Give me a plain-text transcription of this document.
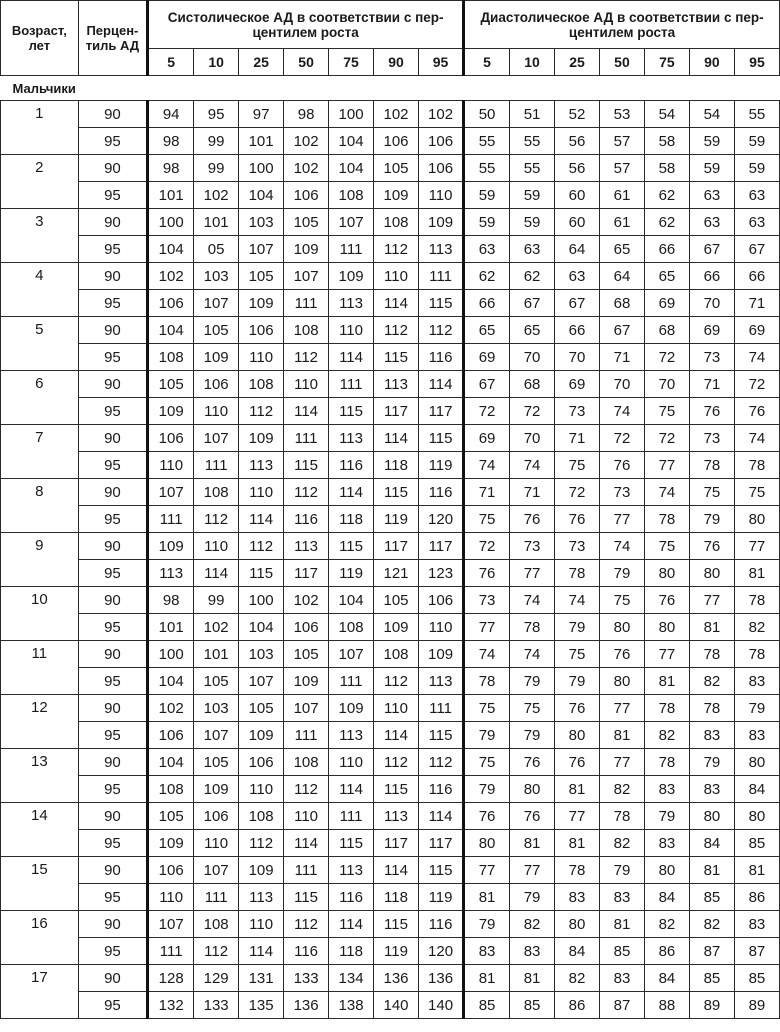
Возраст, лет	Перцен-тиль АД	Систолическое АД в соответствии с пер-центилем роста							Диастолическое АД в соответствии с пер-центилем роста						
		5	10	25	50	75	90	95	5	10	25	50	75	90	95
Мальчики															
1	90	94	95	97	98	100	102	102	50	51	52	53	54	54	55
	95	98	99	101	102	104	106	106	55	55	56	57	58	59	59
2	90	98	99	100	102	104	105	106	55	55	56	57	58	59	59
	95	101	102	104	106	108	109	110	59	59	60	61	62	63	63
3	90	100	101	103	105	107	108	109	59	59	60	61	62	63	63
	95	104	05	107	109	111	112	113	63	63	64	65	66	67	67
4	90	102	103	105	107	109	110	111	62	62	63	64	65	66	66
	95	106	107	109	111	113	114	115	66	67	67	68	69	70	71
5	90	104	105	106	108	110	112	112	65	65	66	67	68	69	69
	95	108	109	110	112	114	115	116	69	70	70	71	72	73	74
6	90	105	106	108	110	111	113	114	67	68	69	70	70	71	72
	95	109	110	112	114	115	117	117	72	72	73	74	75	76	76
7	90	106	107	109	111	113	114	115	69	70	71	72	72	73	74
	95	110	111	113	115	116	118	119	74	74	75	76	77	78	78
8	90	107	108	110	112	114	115	116	71	71	72	73	74	75	75
	95	111	112	114	116	118	119	120	75	76	76	77	78	79	80
9	90	109	110	112	113	115	117	117	72	73	73	74	75	76	77
	95	113	114	115	117	119	121	123	76	77	78	79	80	80	81
10	90	98	99	100	102	104	105	106	73	74	74	75	76	77	78
	95	101	102	104	106	108	109	110	77	78	79	80	80	81	82
11	90	100	101	103	105	107	108	109	74	74	75	76	77	78	78
	95	104	105	107	109	111	112	113	78	79	79	80	81	82	83
12	90	102	103	105	107	109	110	111	75	75	76	77	78	78	79
	95	106	107	109	111	113	114	115	79	79	80	81	82	83	83
13	90	104	105	106	108	110	112	112	75	76	76	77	78	79	80
	95	108	109	110	112	114	115	116	79	80	81	82	83	83	84
14	90	105	106	108	110	111	113	114	76	76	77	78	79	80	80
	95	109	110	112	114	115	117	117	80	81	81	82	83	84	85
15	90	106	107	109	111	113	114	115	77	77	78	79	80	81	81
	95	110	111	113	115	116	118	119	81	79	83	83	84	85	86
16	90	107	108	110	112	114	115	116	79	82	80	81	82	82	83
	95	111	112	114	116	118	119	120	83	83	84	85	86	87	87
17	90	128	129	131	133	134	136	136	81	81	82	83	84	85	85
	95	132	133	135	136	138	140	140	85	85	86	87	88	89	89
